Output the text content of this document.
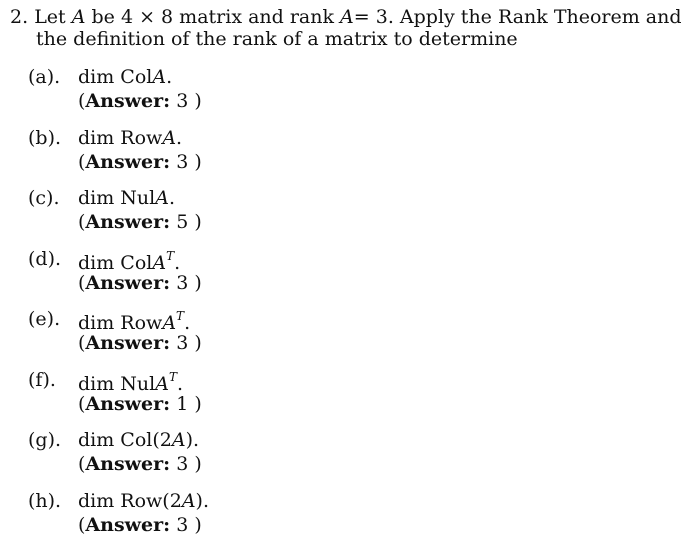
2. Let A be 4 × 8 matrix and rank A= 3. Apply the Rank Theorem and
the definition of the rank of a matrix to determine
(a). dim ColA.
(Answer: 3 )
(b). dim RowA.
(Answer: 3 )
(c). dim NulA.
(Answer: 5 )
(d). dim ColA$^T$.
(Answer: 3 )
(e). dim RowA$^T$.
(Answer: 3 )
(f). dim NulA$^T$.
(Answer: 1 )
(g). dim Col(2A).
(Answer: 3 )
(h). dim Row(2A).
(Answer: 3 )
